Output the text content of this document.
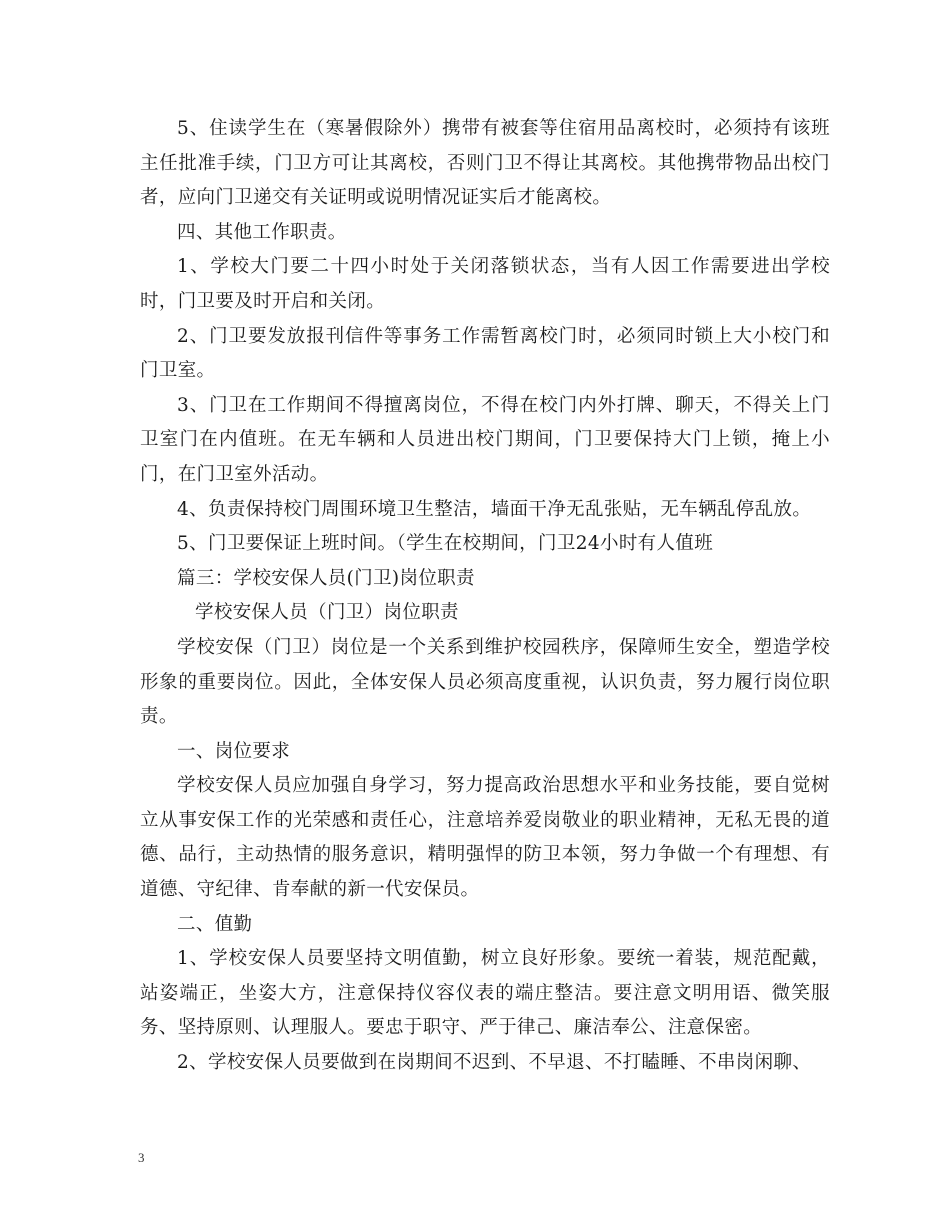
5、住读学生在（寒暑假除外）携带有被套等住宿用品离校时，必须持有该班主任批准手续，门卫方可让其离校，否则门卫不得让其离校。其他携带物品出校门者，应向门卫递交有关证明或说明情况证实后才能离校。

四、其他工作职责。

1、学校大门要二十四小时处于关闭落锁状态，当有人因工作需要进出学校时，门卫要及时开启和关闭。

2、门卫要发放报刊信件等事务工作需暂离校门时，必须同时锁上大小校门和门卫室。

3、门卫在工作期间不得擅离岗位，不得在校门内外打牌、聊天，不得关上门卫室门在内值班。在无车辆和人员进出校门期间，门卫要保持大门上锁，掩上小门，在门卫室外活动。

4、负责保持校门周围环境卫生整洁，墙面干净无乱张贴，无车辆乱停乱放。

5、门卫要保证上班时间。（学生在校期间，门卫24小时有人值班

篇三：学校安保人员(门卫)岗位职责

学校安保人员（门卫）岗位职责

学校安保（门卫）岗位是一个关系到维护校园秩序，保障师生安全，塑造学校形象的重要岗位。因此，全体安保人员必须高度重视，认识负责，努力履行岗位职责。

一、岗位要求

学校安保人员应加强自身学习，努力提高政治思想水平和业务技能，要自觉树立从事安保工作的光荣感和责任心，注意培养爱岗敬业的职业精神，无私无畏的道德、品行，主动热情的服务意识，精明强悍的防卫本领，努力争做一个有理想、有道德、守纪律、肯奉献的新一代安保员。

二、值勤

1、学校安保人员要坚持文明值勤，树立良好形象。要统一着装，规范配戴，站姿端正，坐姿大方，注意保持仪容仪表的端庄整洁。要注意文明用语、微笑服务、坚持原则、认理服人。要忠于职守、严于律己、廉洁奉公、注意保密。

2、学校安保人员要做到在岗期间不迟到、不早退、不打瞌睡、不串岗闲聊、

3
